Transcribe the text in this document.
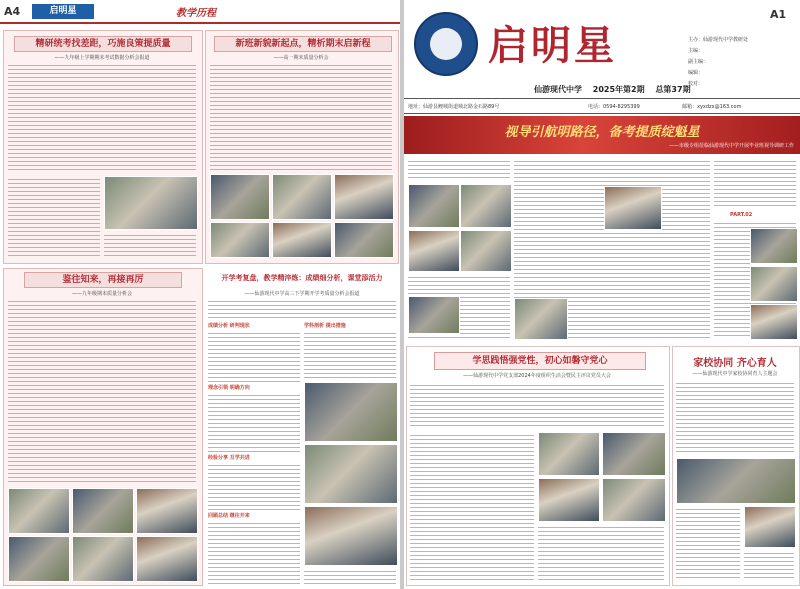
A4	启明星	教学历程
精研统考找差距，巧施良策提质量
——九年级上学期期末考试数据分析会报道
新班新貌新起点，精析期末启新程
——高一期末质量分析会
鉴往知来，再接再厉
——九年级期末质量分析会
开学考复盘，教学精淬炼：成绩细分析，课堂添活力
——仙游现代中学高三下学期开学考质量分析会报道
成绩分析 研判现状
理念引领 明确方向
经验分享 互学共进
回顾总结 继往开来
学科剖析 提出措施
启明星
A1
主办：仙游现代中学教研处
主编：
副主编：
编辑：
校对：
仙游现代中学 2025年第2期 总第37期
地址：仙游县鲤城街道城北路金石路89号	电话：0594-8295399	邮箱：xyxdzx@163.com
视导引航明路径，备考提质绽魁星
——市级专组莅临仙游现代中学开展毕业班视导调研工作
PART.02
学思践悟强党性，初心如磐守党心
——仙游现代中学党支部2024年度组织生活会暨民主评议党员大会
家校协同 齐心育人
——仙游现代中学家校协同育人主题会
